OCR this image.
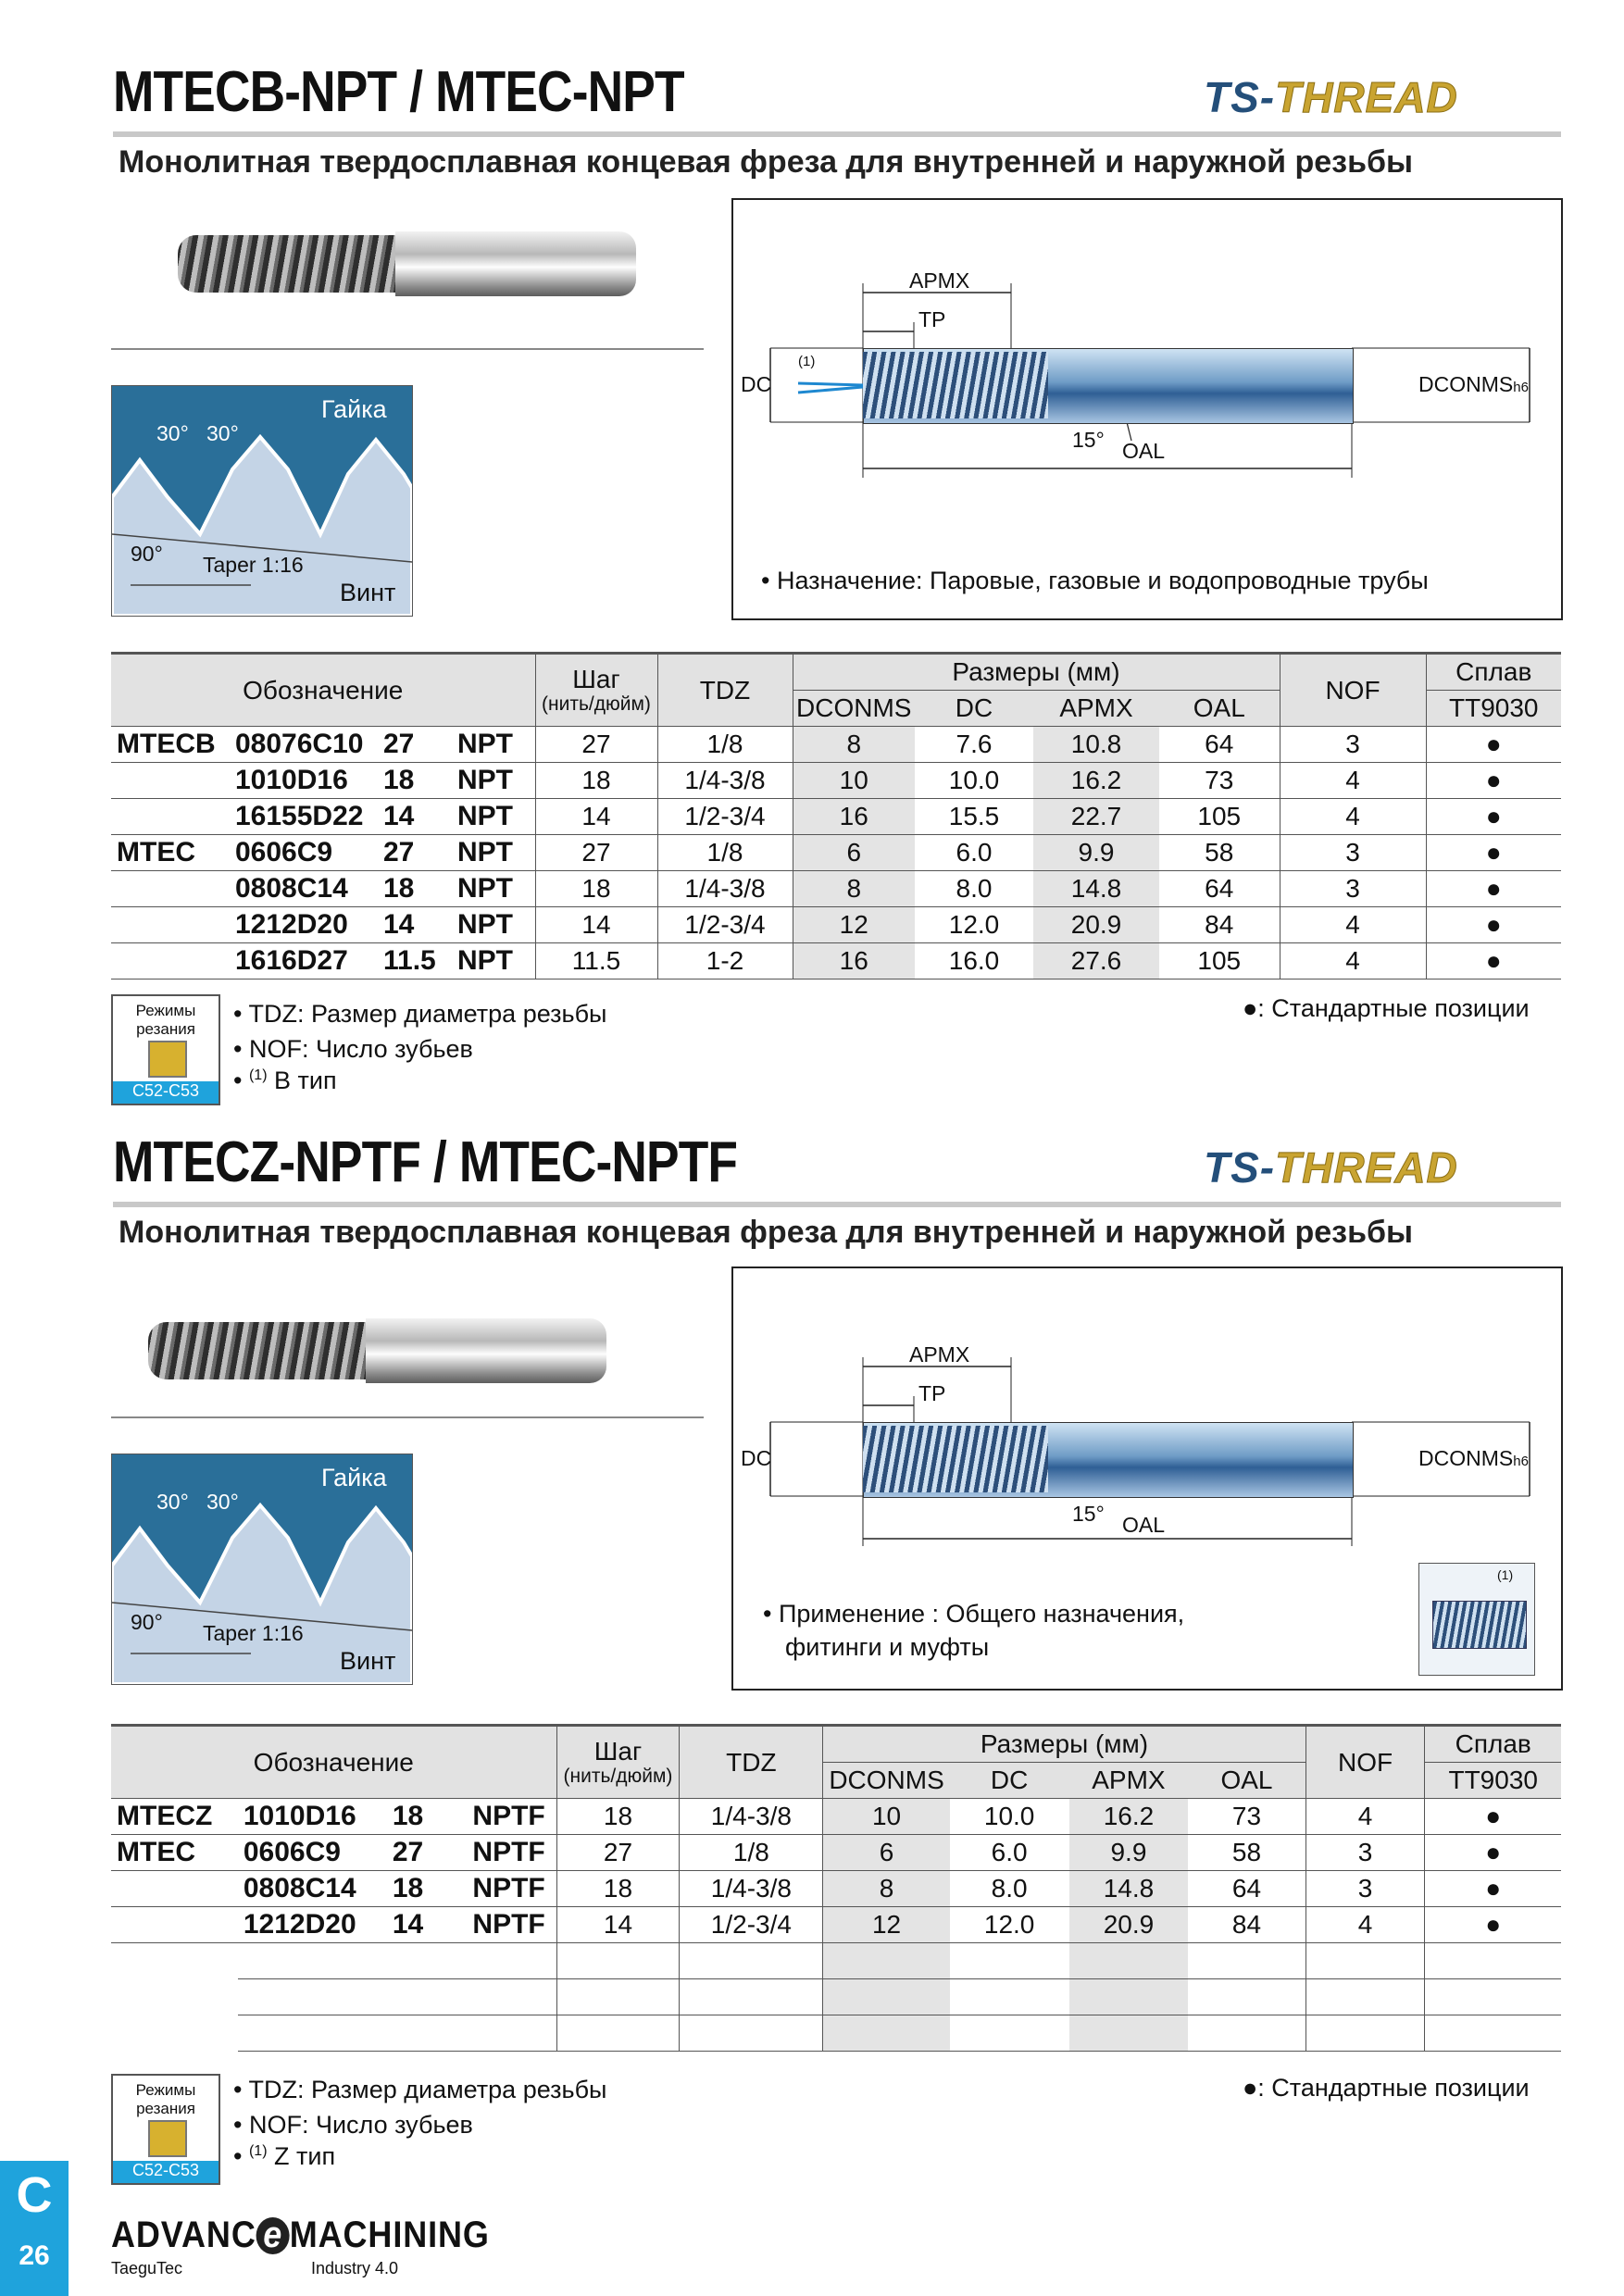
MTECB-NPT / MTEC-NPT	TS-THREAD
Монолитная твердосплавная концевая фреза для внутренней и наружной резьбы
Гайка
30° 30°
90° Taper 1:16
Винт
APMX
TP
DC
(1)
DCONMSh6
15° OAL
• Назначение: Паровые, газовые и водопроводные трубы
Обозначение				Шаг
(нить/дюйм)	TDZ	Размеры (мм)				NOF	Сплав
						DCONMS	DC	APMX	OAL		TT9030
MTECB	08076C10	27	NPT	27	1/8	8	7.6	10.8	64	3	●
	1010D16	18	NPT	18	1/4-3/8	10	10.0	16.2	73	4	●
	16155D22	14	NPT	14	1/2-3/4	16	15.5	22.7	105	4	●
MTEC	0606C9	27	NPT	27	1/8	6	6.0	9.9	58	3	●
	0808C14	18	NPT	18	1/4-3/8	8	8.0	14.8	64	3	●
	1212D20	14	NPT	14	1/2-3/4	12	12.0	20.9	84	4	●
	1616D27	11.5	NPT	11.5	1-2	16	16.0	27.6	105	4	●
Режимы
резания
C52-C53
• TDZ: Размер диаметра резьбы
• NOF: Число зубьев
• $^{(1)}$ В тип
●: Стандартные позиции
MTECZ-NPTF / MTEC-NPTF	TS-THREAD
Монолитная твердосплавная концевая фреза для внутренней и наружной резьбы
Гайка
30° 30°
90° Taper 1:16
Винт
APMX
TP
DC	DCONMSh6
15° OAL
• Применение : Общего назначения,
фитинги и муфты
(1)
Обозначение				Шаг
(нить/дюйм)	TDZ	Размеры (мм)				NOF	Сплав
						DCONMS	DC	APMX	OAL		TT9030
MTECZ	1010D16	18	NPTF	18	1/4-3/8	10	10.0	16.2	73	4	●
MTEC	0606C9	27	NPTF	27	1/8	6	6.0	9.9	58	3	●
	0808C14	18	NPTF	18	1/4-3/8	8	8.0	14.8	64	3	●
	1212D20	14	NPTF	14	1/2-3/4	12	12.0	20.9	84	4	●

Режимы
резания
C52-C53
• TDZ: Размер диаметра резьбы
• NOF: Число зубьев
• $^{(1)}$ Z тип
●: Стандартные позиции
C
26
ADVANC e MACHINING
TaeguTec	Industry 4.0
